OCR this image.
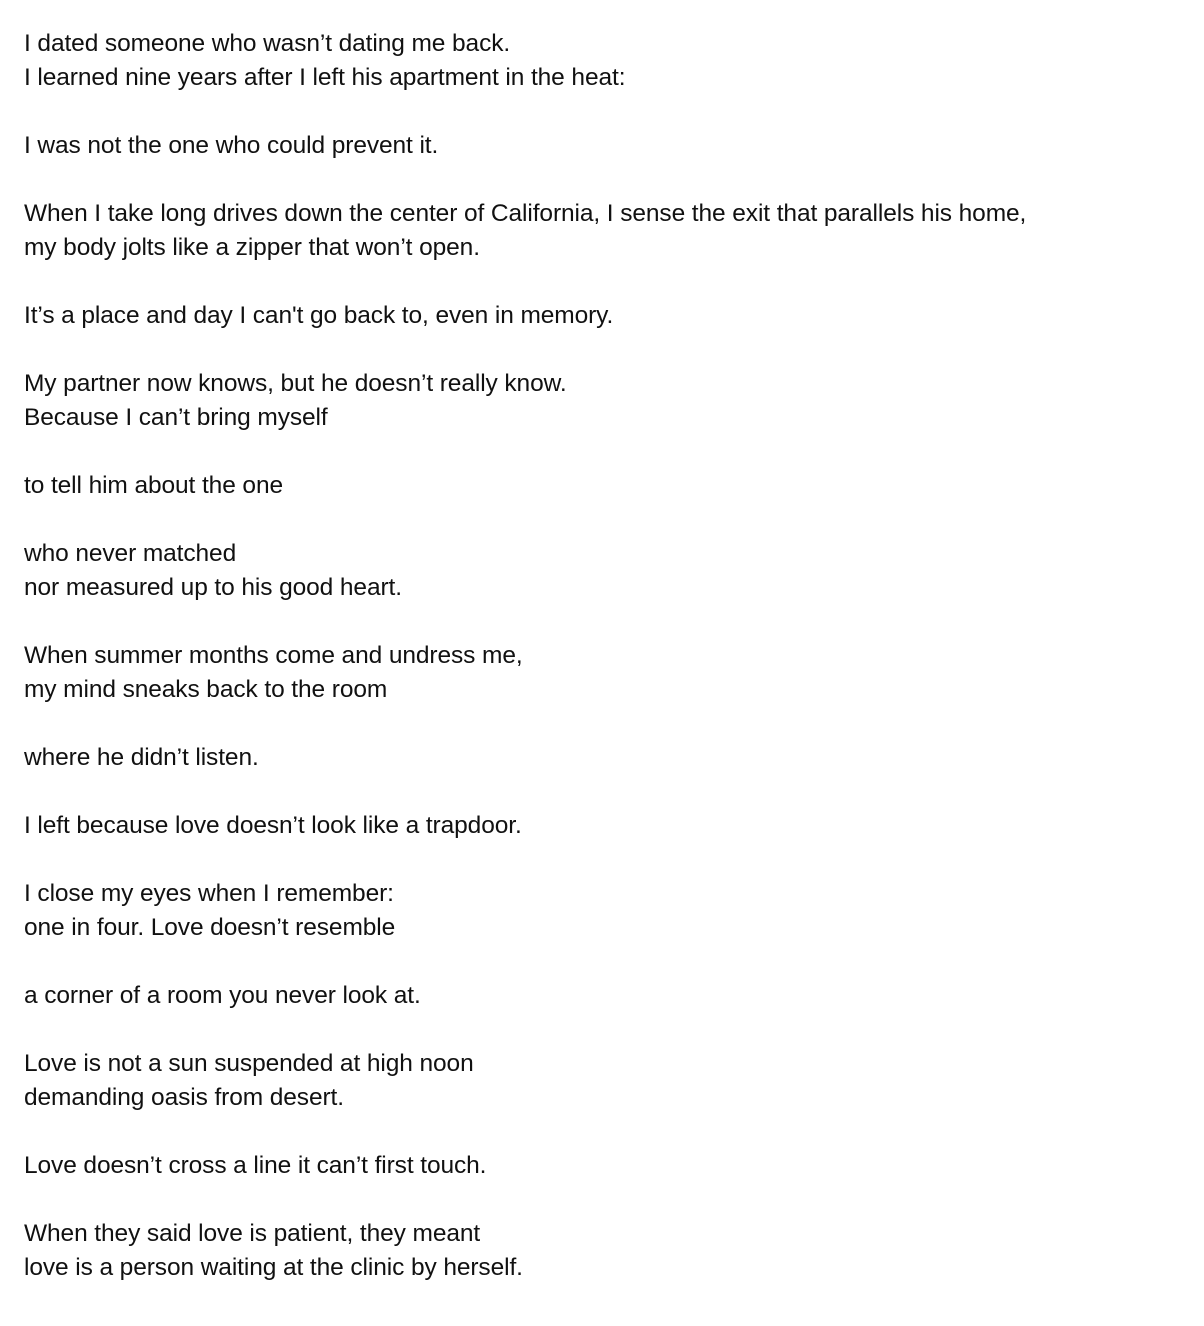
I dated someone who wasn’t dating me back.
I learned nine years after I left his apartment in the heat:
I was not the one who could prevent it.
When I take long drives down the center of California, I sense the exit that parallels his home,
my body jolts like a zipper that won’t open.
It’s a place and day I can't go back to, even in memory.
My partner now knows, but he doesn’t really know.
Because I can’t bring myself
to tell him about the one
who never matched
nor measured up to his good heart.
When summer months come and undress me,
my mind sneaks back to the room
where he didn’t listen.
I left because love doesn’t look like a trapdoor.
I close my eyes when I remember:
one in four. Love doesn’t resemble
a corner of a room you never look at.
Love is not a sun suspended at high noon
demanding oasis from desert.
Love doesn’t cross a line it can’t first touch.
When they said love is patient, they meant
love is a person waiting at the clinic by herself.
